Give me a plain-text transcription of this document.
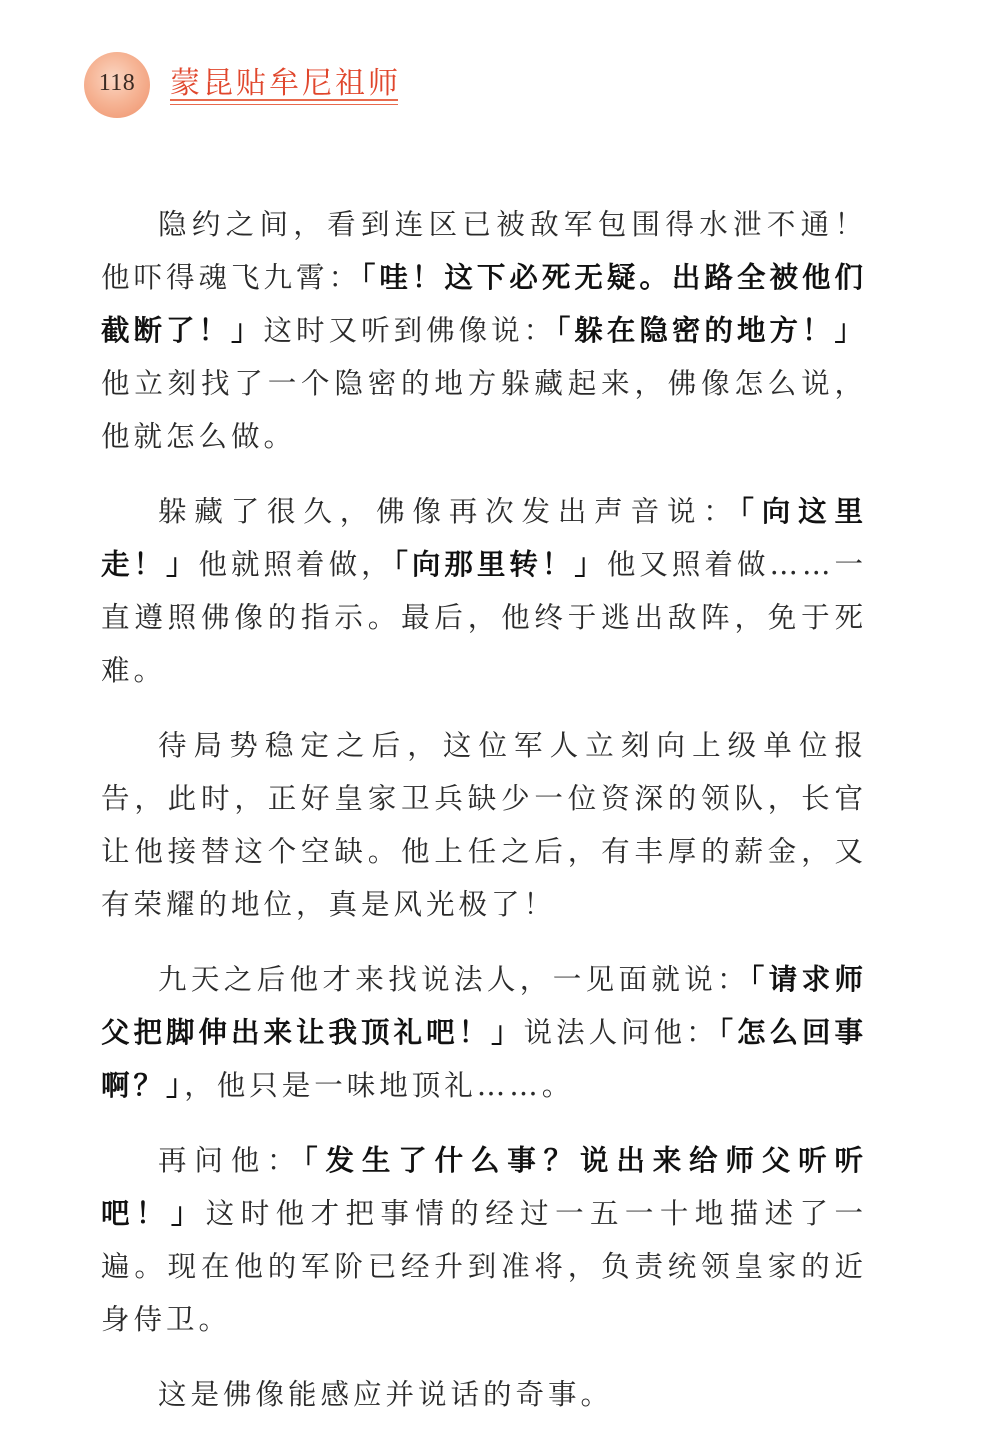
118	蒙昆贴牟尼祖师

隐约之间，看到连区已被敌军包围得水泄不通！他吓得魂飞九霄：「哇！这下必死无疑。出路全被他们截断了！」这时又听到佛像说：「躲在隐密的地方！」他立刻找了一个隐密的地方躲藏起来，佛像怎么说，他就怎么做。

躲藏了很久，佛像再次发出声音说：「向这里走！」他就照着做，「向那里转！」他又照着做……一直遵照佛像的指示。最后，他终于逃出敌阵，免于死难。

待局势稳定之后，这位军人立刻向上级单位报告，此时，正好皇家卫兵缺少一位资深的领队，长官让他接替这个空缺。他上任之后，有丰厚的薪金，又有荣耀的地位，真是风光极了！

九天之后他才来找说法人，一见面就说：「请求师父把脚伸出来让我顶礼吧！」说法人问他：「怎么回事啊？」，他只是一味地顶礼……。

再问他：「发生了什么事？说出来给师父听听吧！」这时他才把事情的经过一五一十地描述了一遍。现在他的军阶已经升到准将，负责统领皇家的近身侍卫。

这是佛像能感应并说话的奇事。
